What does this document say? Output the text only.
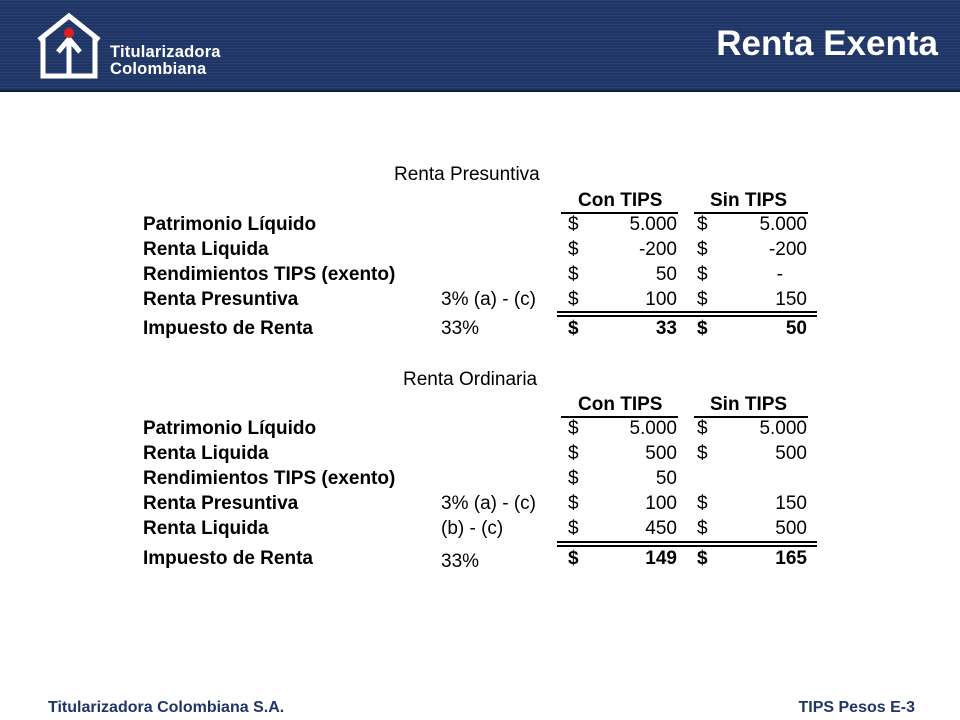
Titularizadora
Colombiana
Renta Exenta
Renta Presuntiva
Con TIPS	Sin TIPS
Patrimonio Líquido	$	5.000 $	5.000
Renta Liquida	$	-200 $	-200
Rendimientos TIPS (exento)	$	50 $	-
Renta Presuntiva	3% (a) - (c) $	100 $	150
Impuesto de Renta	33%	$	33 $	50
Renta Ordinaria
Con TIPS	Sin TIPS
Patrimonio Líquido	$	5.000 $	5.000
Renta Liquida	$	500 $	500
Rendimientos TIPS (exento)	$	50
Renta Presuntiva	3% (a) - (c) $	100 $	150
Renta Liquida	(b) - (c)	$	450 $	500
Impuesto de Renta	33%	$	149 $	165
Titularizadora Colombiana S.A.	TIPS Pesos E-3
